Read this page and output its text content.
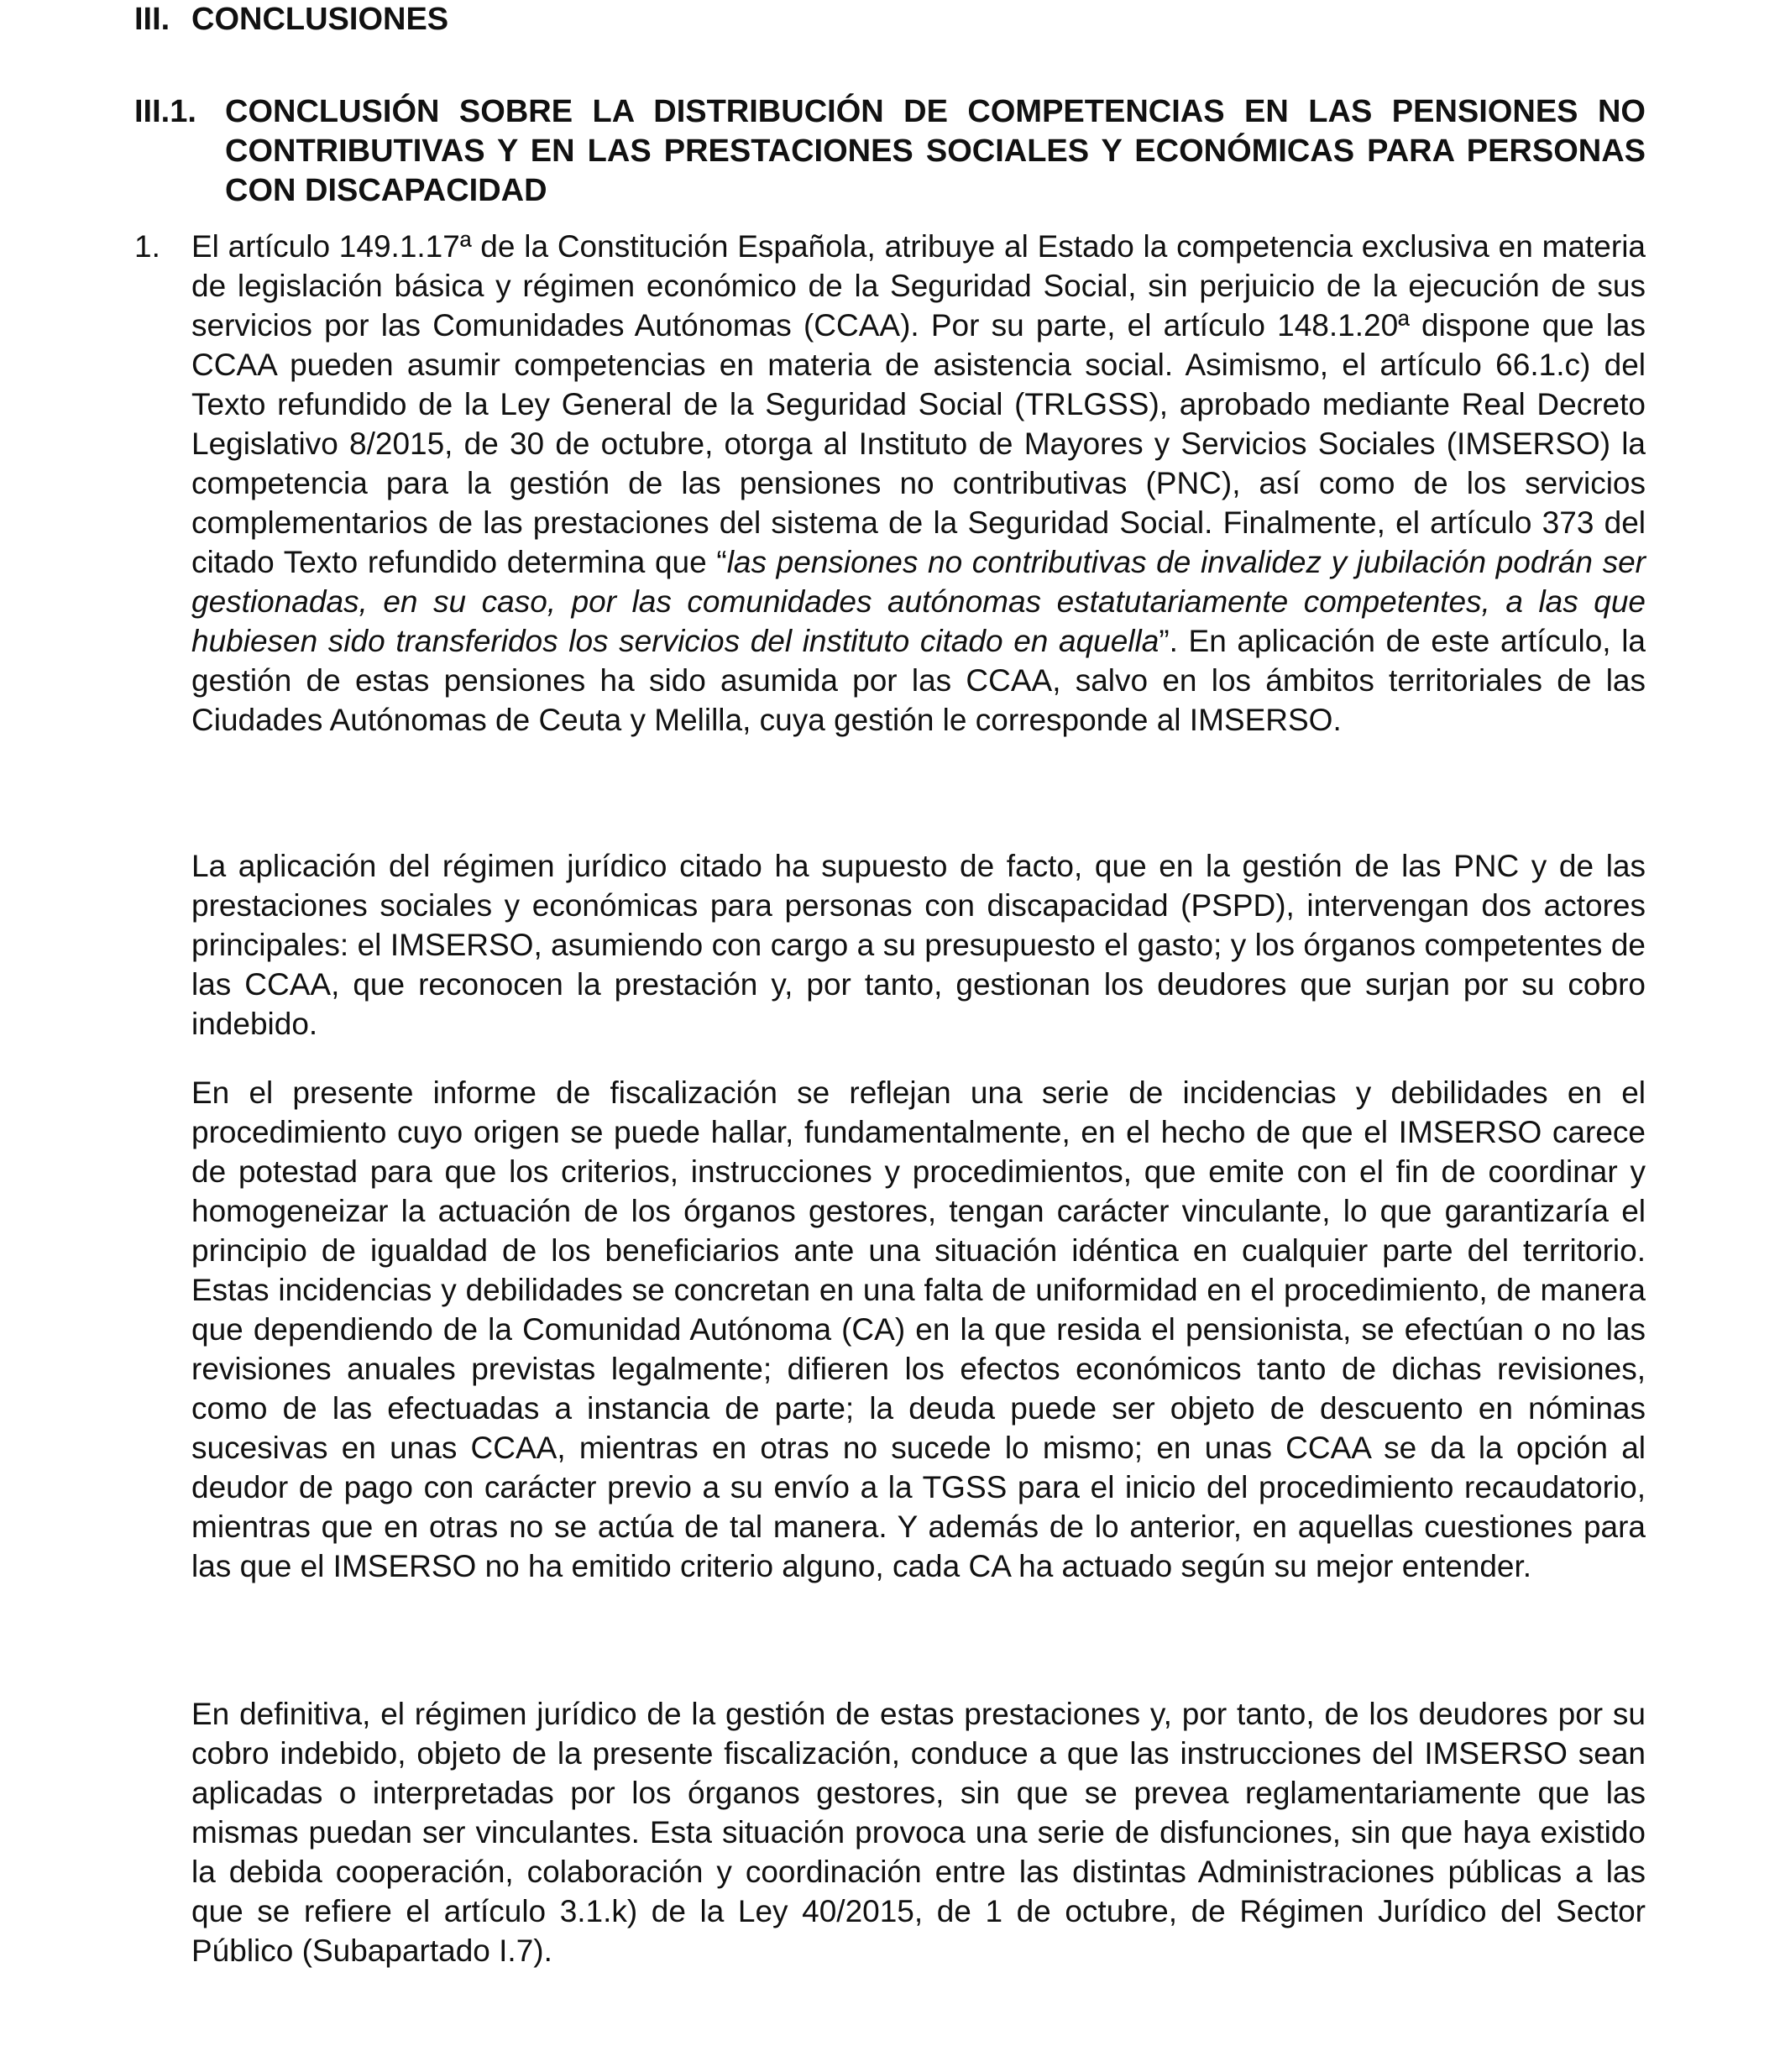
III. CONCLUSIONES
III.1. CONCLUSIÓN SOBRE LA DISTRIBUCIÓN DE COMPETENCIAS EN LAS PENSIONES NO CONTRIBUTIVAS Y EN LAS PRESTACIONES SOCIALES Y ECONÓMICAS PARA PERSONAS CON DISCAPACIDAD
1. El artículo 149.1.17ª de la Constitución Española, atribuye al Estado la competencia exclusiva en materia de legislación básica y régimen económico de la Seguridad Social, sin perjuicio de la ejecución de sus servicios por las Comunidades Autónomas (CCAA). Por su parte, el artículo 148.1.20ª dispone que las CCAA pueden asumir competencias en materia de asistencia social. Asimismo, el artículo 66.1.c) del Texto refundido de la Ley General de la Seguridad Social (TRLGSS), aprobado mediante Real Decreto Legislativo 8/2015, de 30 de octubre, otorga al Instituto de Mayores y Servicios Sociales (IMSERSO) la competencia para la gestión de las pensiones no contributivas (PNC), así como de los servicios complementarios de las prestaciones del sistema de la Seguridad Social. Finalmente, el artículo 373 del citado Texto refundido determina que “las pensiones no contributivas de invalidez y jubilación podrán ser gestionadas, en su caso, por las comunidades autónomas estatutariamente competentes, a las que hubiesen sido transferidos los servicios del instituto citado en aquella”. En aplicación de este artículo, la gestión de estas pensiones ha sido asumida por las CCAA, salvo en los ámbitos territoriales de las Ciudades Autónomas de Ceuta y Melilla, cuya gestión le corresponde al IMSERSO.

La aplicación del régimen jurídico citado ha supuesto de facto, que en la gestión de las PNC y de las prestaciones sociales y económicas para personas con discapacidad (PSPD), intervengan dos actores principales: el IMSERSO, asumiendo con cargo a su presupuesto el gasto; y los órganos competentes de las CCAA, que reconocen la prestación y, por tanto, gestionan los deudores que surjan por su cobro indebido.

En el presente informe de fiscalización se reflejan una serie de incidencias y debilidades en el procedimiento cuyo origen se puede hallar, fundamentalmente, en el hecho de que el IMSERSO carece de potestad para que los criterios, instrucciones y procedimientos, que emite con el fin de coordinar y homogeneizar la actuación de los órganos gestores, tengan carácter vinculante, lo que garantizaría el principio de igualdad de los beneficiarios ante una situación idéntica en cualquier parte del territorio. Estas incidencias y debilidades se concretan en una falta de uniformidad en el procedimiento, de manera que dependiendo de la Comunidad Autónoma (CA) en la que resida el pensionista, se efectúan o no las revisiones anuales previstas legalmente; difieren los efectos económicos tanto de dichas revisiones, como de las efectuadas a instancia de parte; la deuda puede ser objeto de descuento en nóminas sucesivas en unas CCAA, mientras en otras no sucede lo mismo; en unas CCAA se da la opción al deudor de pago con carácter previo a su envío a la TGSS para el inicio del procedimiento recaudatorio, mientras que en otras no se actúa de tal manera. Y además de lo anterior, en aquellas cuestiones para las que el IMSERSO no ha emitido criterio alguno, cada CA ha actuado según su mejor entender.

En definitiva, el régimen jurídico de la gestión de estas prestaciones y, por tanto, de los deudores por su cobro indebido, objeto de la presente fiscalización, conduce a que las instrucciones del IMSERSO sean aplicadas o interpretadas por los órganos gestores, sin que se prevea reglamentariamente que las mismas puedan ser vinculantes. Esta situación provoca una serie de disfunciones, sin que haya existido la debida cooperación, colaboración y coordinación entre las distintas Administraciones públicas a las que se refiere el artículo 3.1.k) de la Ley 40/2015, de 1 de octubre, de Régimen Jurídico del Sector Público (Subapartado I.7).
